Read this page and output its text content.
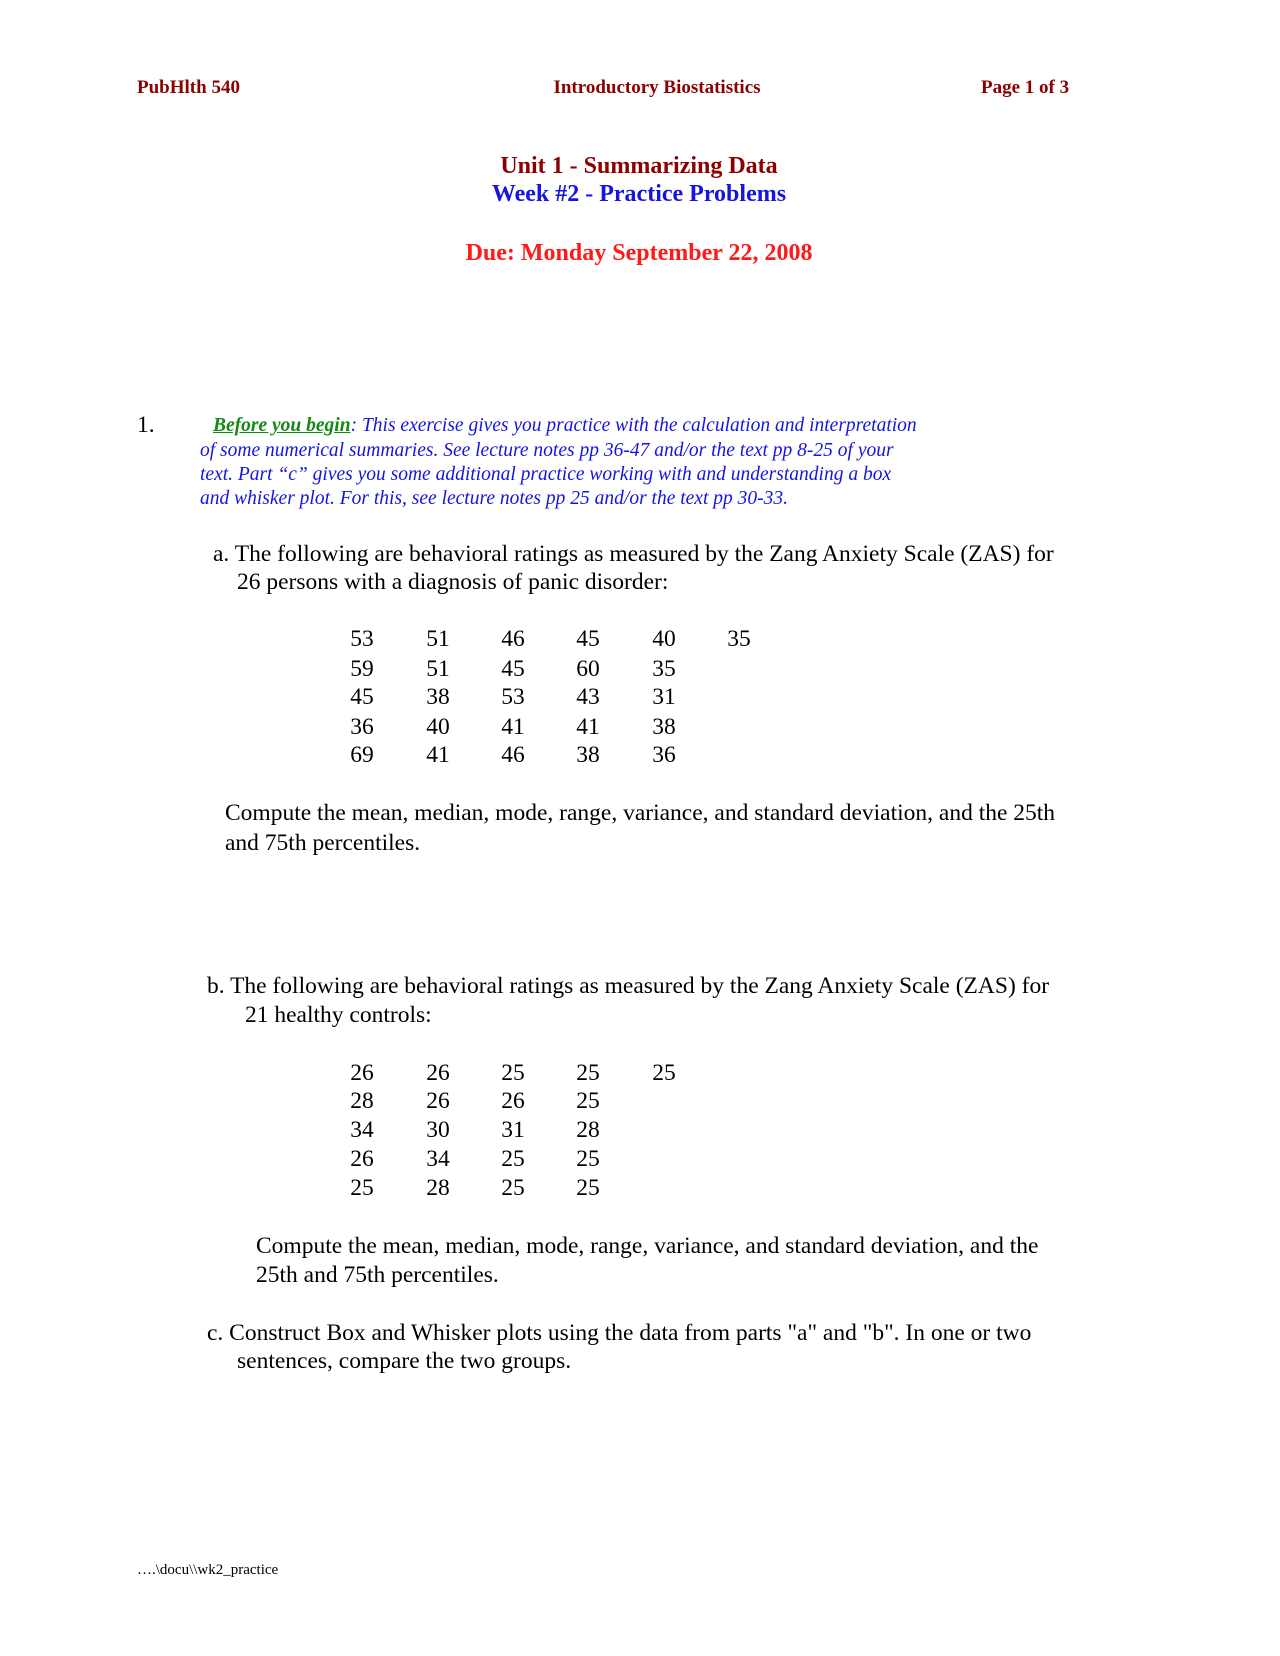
PubHlth 540	Introductory Biostatistics	Page 1 of 3
Unit 1 - Summarizing Data
Week #2 - Practice Problems
Due: Monday September 22, 2008
1.	Before you begin: This exercise gives you practice with the calculation and interpretation
of some numerical summaries. See lecture notes pp 36-47 and/or the text pp 8-25 of your
text. Part “c” gives you some additional practice working with and understanding a box
and whisker plot. For this, see lecture notes pp 25 and/or the text pp 30-33.
a. The following are behavioral ratings as measured by the Zang Anxiety Scale (ZAS) for
26 persons with a diagnosis of panic disorder:
53	51	46	45	40	35
59	51	45	60	35
45	38	53	43	31
36	40	41	41	38
69	41	46	38	36
Compute the mean, median, mode, range, variance, and standard deviation, and the 25th
and 75th percentiles.
b. The following are behavioral ratings as measured by the Zang Anxiety Scale (ZAS) for
21 healthy controls:
26	26	25	25	25
28	26	26	25
34	30	31	28
26	34	25	25
25	28	25	25
Compute the mean, median, mode, range, variance, and standard deviation, and the
25th and 75th percentiles.
c. Construct Box and Whisker plots using the data from parts "a" and "b". In one or two
sentences, compare the two groups.
….\docu\\wk2_practice
